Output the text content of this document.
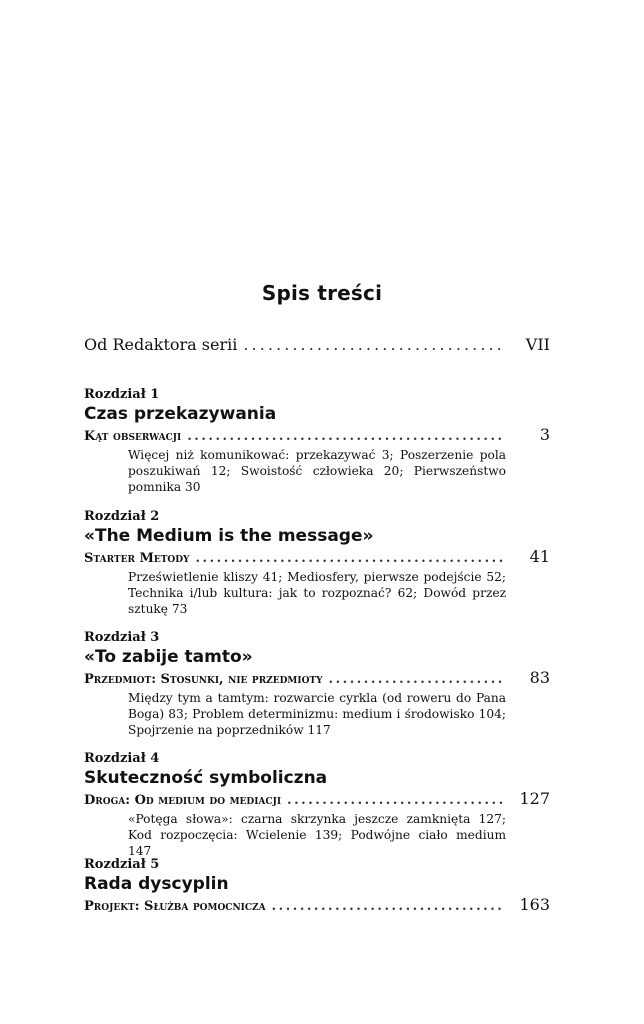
Spis treści
Od Redaktora serii . . .	VII
Rozdział 1
Czas przekazywania
Kąt obserwacji . . .	3
Więcej niż komunikować: przekazywać 3; Poszerzenie pola poszukiwań 12; Swoistość człowieka 20; Pierwszeństwo pomnika 30
Rozdział 2
«The Medium is the message»
Starter Metody . . .	41
Prześwietlenie kliszy 41; Mediosfery, pierwsze podejście 52; Technika i/lub kultura: jak to rozpoznać? 62; Dowód przez sztukę 73
Rozdział 3
«To zabije tamto»
Przedmiot: Stosunki, nie przedmioty . . .	83
Między tym a tamtym: rozwarcie cyrkla (od roweru do Pana Boga) 83; Problem determinizmu: medium i środowisko 104; Spojrzenie na poprzedników 117
Rozdział 4
Skuteczność symboliczna
Droga: Od medium do mediacji . . .	127
«Potęga słowa»: czarna skrzynka jeszcze zamknięta 127; Kod rozpoczęcia: Wcielenie 139; Podwójne ciało medium 147
Rozdział 5
Rada dyscyplin
Projekt: Służba pomocnicza . . .	163
